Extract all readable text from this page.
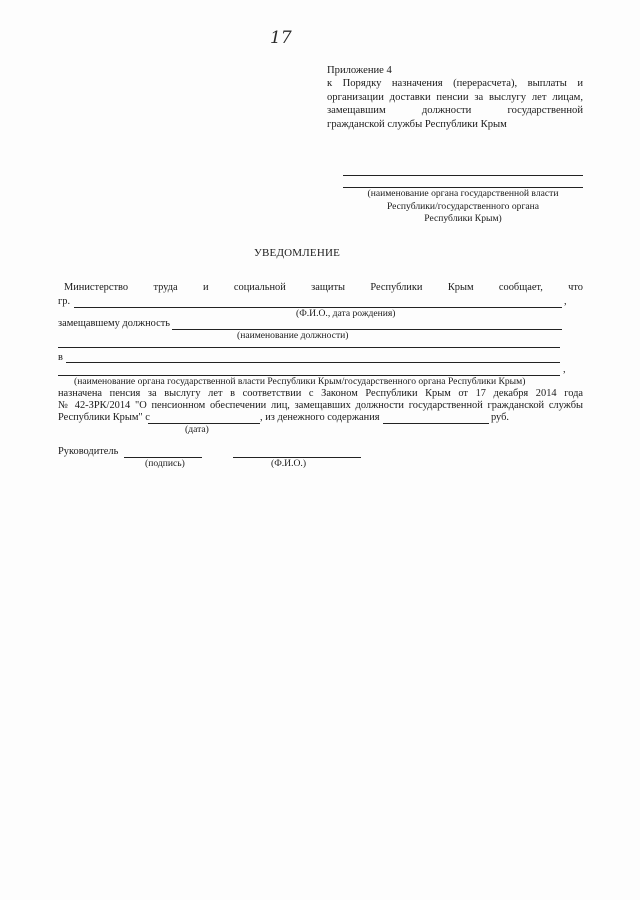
17
Приложение 4
к Порядку назначения (перерасчета), выплаты и
организации доставки пенсии за выслугу лет лицам,
замещавшим должности государственной
гражданской службы Республики Крым
(наименование органа государственной власти
Республики/государственного органа
Республики Крым)
УВЕДОМЛЕНИЕ
Министерство труда и социальной защиты Республики Крым сообщает, что
гр.	,
(Ф.И.О., дата рождения)
замещавшему должность
(наименование должности)
в
,
(наименование органа государственной власти Республики Крым/государственного органа Республики Крым)
назначена пенсия за выслугу лет в соответствии с Законом Республики Крым от 17 декабря 2014 года
№ 42-ЗРК/2014 "О пенсионном обеспечении лиц, замещавших должности государственной гражданской службы
Республики Крым" с	, из денежного содержания	руб.
(дата)
Руководитель
(подпись)	(Ф.И.О.)
